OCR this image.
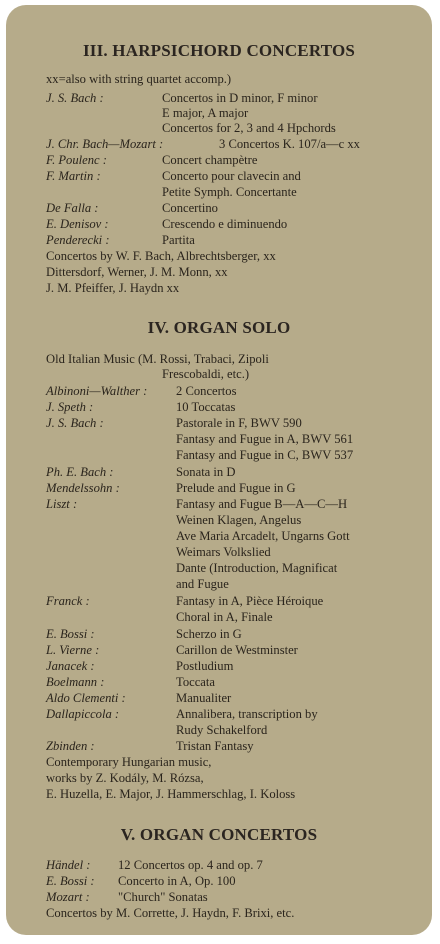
III. HARPSICHORD CONCERTOS
xx=also with string quartet accomp.)
J. S. Bach :	Concertos in D minor, F minor
E major, A major
Concertos for 2, 3 and 4 Hpchords
J. Chr. Bach—Mozart :	3 Concertos K. 107/a—c xx
F. Poulenc :	Concert champètre
F. Martin :	Concerto pour clavecin and
Petite Symph. Concertante
De Falla :	Concertino
E. Denisov :	Crescendo e diminuendo
Penderecki :	Partita
Concertos by W. F. Bach, Albrechtsberger, xx
Dittersdorf, Werner, J. M. Monn, xx
J. M. Pfeiffer, J. Haydn xx
IV. ORGAN SOLO
Old Italian Music (M. Rossi, Trabaci, Zipoli
Frescobaldi, etc.)
Albinoni—Walther : 2 Concertos
J. Speth :	10 Toccatas
J. S. Bach :	Pastorale in F, BWV 590
Fantasy and Fugue in A, BWV 561
Fantasy and Fugue in C, BWV 537
Ph. E. Bach :	Sonata in D
Mendelssohn :	Prelude and Fugue in G
Liszt :	Fantasy and Fugue B—A—C—H
Weinen Klagen, Angelus
Ave Maria Arcadelt, Ungarns Gott
Weimars Volkslied
Dante (Introduction, Magnificat
and Fugue
Franck :	Fantasy in A, Pièce Héroique
Choral in A, Finale
E. Bossi :	Scherzo in G
L. Vierne :	Carillon de Westminster
Janacek :	Postludium
Boelmann :	Toccata
Aldo Clementi :	Manualiter
Dallapiccola :	Annalibera, transcription by
Rudy Schakelford
Zbinden :	Tristan Fantasy
Contemporary Hungarian music,
works by Z. Kodály, M. Rózsa,
E. Huzella, E. Major, J. Hammerschlag, I. Koloss
V. ORGAN CONCERTOS
Händel : 12 Concertos op. 4 and op. 7
E. Bossi : Concerto in A, Op. 100
Mozart : "Church" Sonatas
Concertos by M. Corrette, J. Haydn, F. Brixi, etc.
